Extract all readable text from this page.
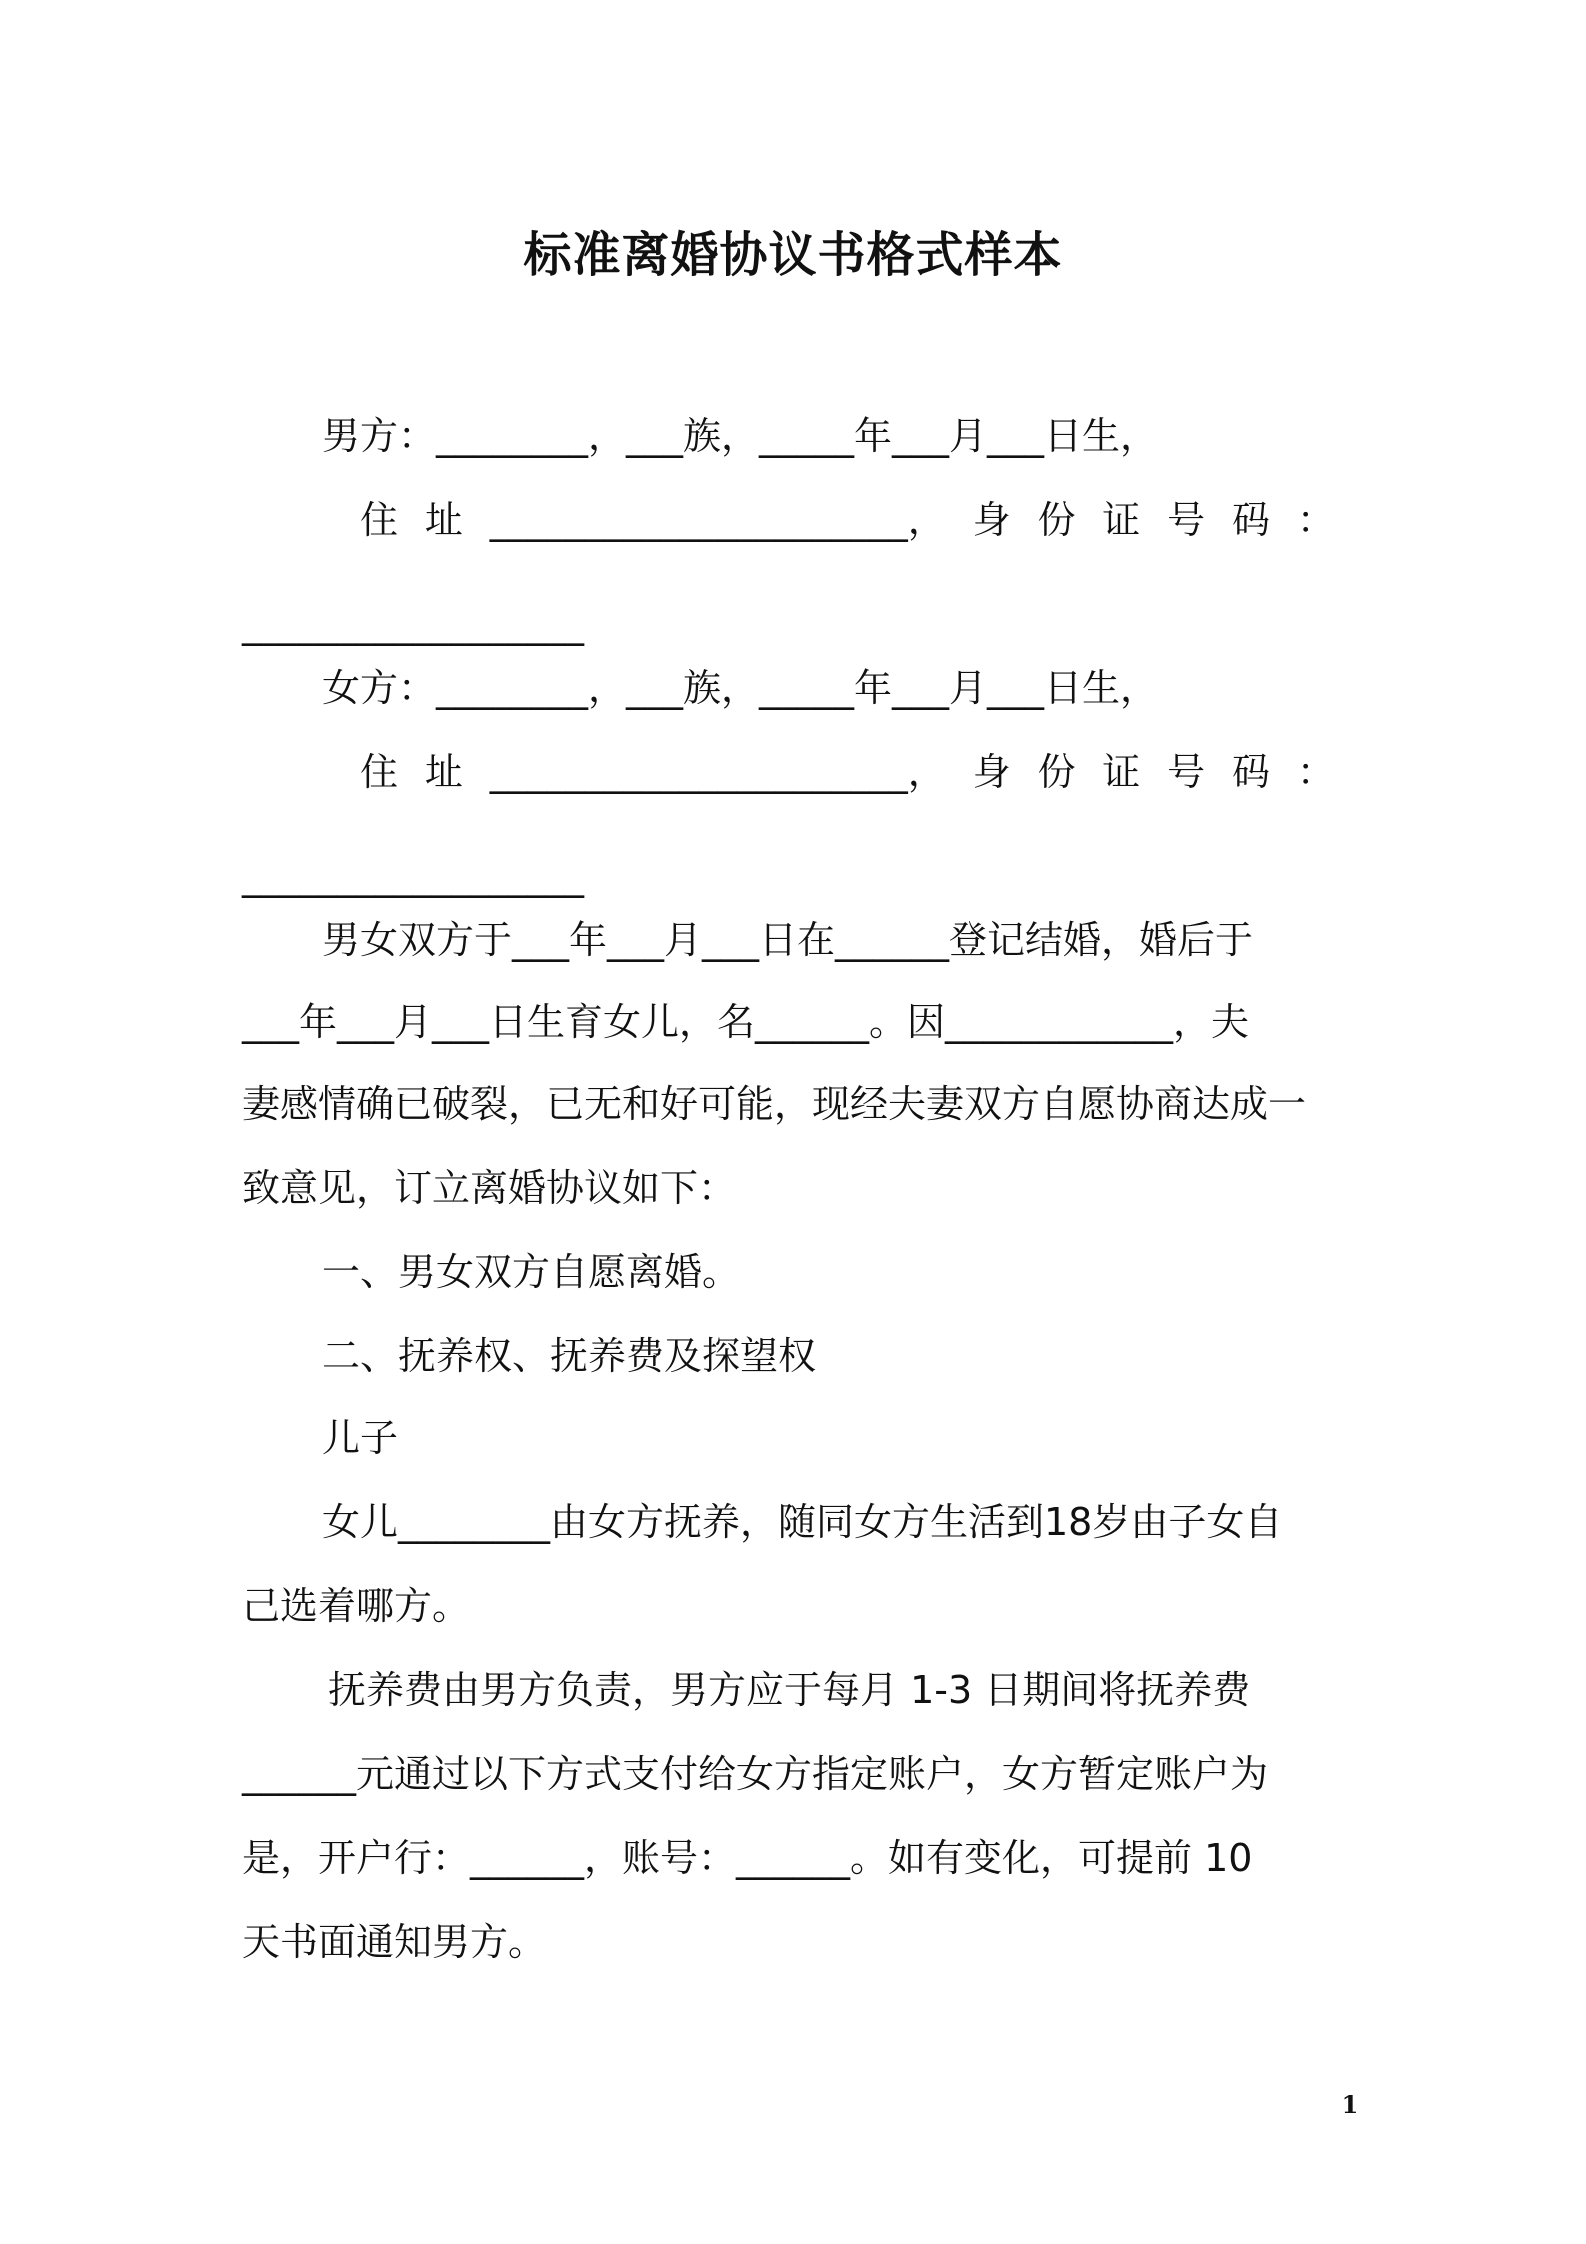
标准离婚协议书格式样本
男方：________，___族，_____年___月___日生，
住 址 ______________________， 身 份 证 号 码 ：
__________________
女方：________，___族，_____年___月___日生，
住 址 ______________________， 身 份 证 号 码 ：
__________________
男女双方于___年___月___日在______登记结婚，婚后于
___年___月___日生育女儿，名______。因____________，夫
妻感情确已破裂，已无和好可能，现经夫妻双方自愿协商达成一
致意见，订立离婚协议如下：
一、男女双方自愿离婚。
二、抚养权、抚养费及探望权
儿子
女儿________由女方抚养，随同女方生活到18岁由子女自
己选着哪方。
抚养费由男方负责，男方应于每月 1-3 日期间将抚养费
______元通过以下方式支付给女方指定账户，女方暂定账户为
是，开户行：______，账号：______。如有变化，可提前 10
天书面通知男方。
1
